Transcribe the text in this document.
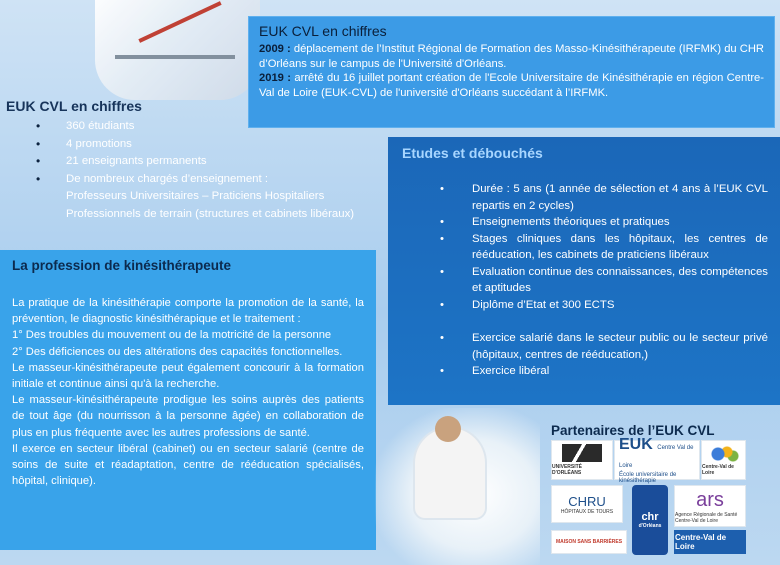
EUK CVL en chiffres

2009 : déplacement de l’Institut Régional de Formation des Masso-Kinésithérapeute (IRFMK) du CHR d’Orléans sur le campus de l'Université d'Orléans.

2019 : arrêté du 16 juillet portant création de l'Ecole Universitaire de Kinésithérapie en région Centre-Val de Loire (EUK-CVL) de l'université d'Orléans succédant à l’IRFMK.

EUK CVL en chiffres
• 360 étudiants
• 4 promotions
• 21 enseignants permanents
• De nombreux chargés d’enseignement :
Professeurs Universitaires – Praticiens Hospitaliers
Professionnels de terrain (structures et cabinets libéraux)
La profession de kinésithérapeute

La pratique de la kinésithérapie comporte la promotion de la santé, la prévention, le diagnostic kinésithérapique et le traitement :

1° Des troubles du mouvement ou de la motricité de la personne

2° Des déficiences ou des altérations des capacités fonctionnelles.

Le masseur-kinésithérapeute peut également concourir à la formation initiale et continue ainsi qu'à la recherche.

Le masseur-kinésithérapeute prodigue les soins auprès des patients de tout âge (du nourrisson à la personne âgée) en collaboration de plus en plus fréquente avec les autres professions de santé.

Il exerce en secteur libéral (cabinet) ou en secteur salarié (centre de soins de suite et réadaptation, centre de rééducation spécialisés, hôpital, clinique).

Etudes et débouchés
• Durée : 5 ans (1 année de sélection et 4 ans à l’EUK CVL repartis en 2 cycles)
• Enseignements théoriques et pratiques
• Stages cliniques dans les hôpitaux, les centres de rééducation, les cabinets de praticiens libéraux
• Evaluation continue des connaissances, des compétences et aptitudes
• Diplôme d’Etat et 300 ECTS
• Exercice salarié dans le secteur public ou le secteur privé (hôpitaux, centres de rééducation,)
• Exercice libéral
Partenaires de l’EUK CVL
UNIVERSITÉ D'ORLÉANS
EUK Centre Val de Loire
École universitaire de kinésithérapie
Centre-Val de Loire
CHRU
HÔPITAUX DE TOURS	chr
d'Orléans
ars
Agence Régionale de Santé Centre-Val de Loire
MAISON SANS BARRIÈRES	Centre-Val de Loire
